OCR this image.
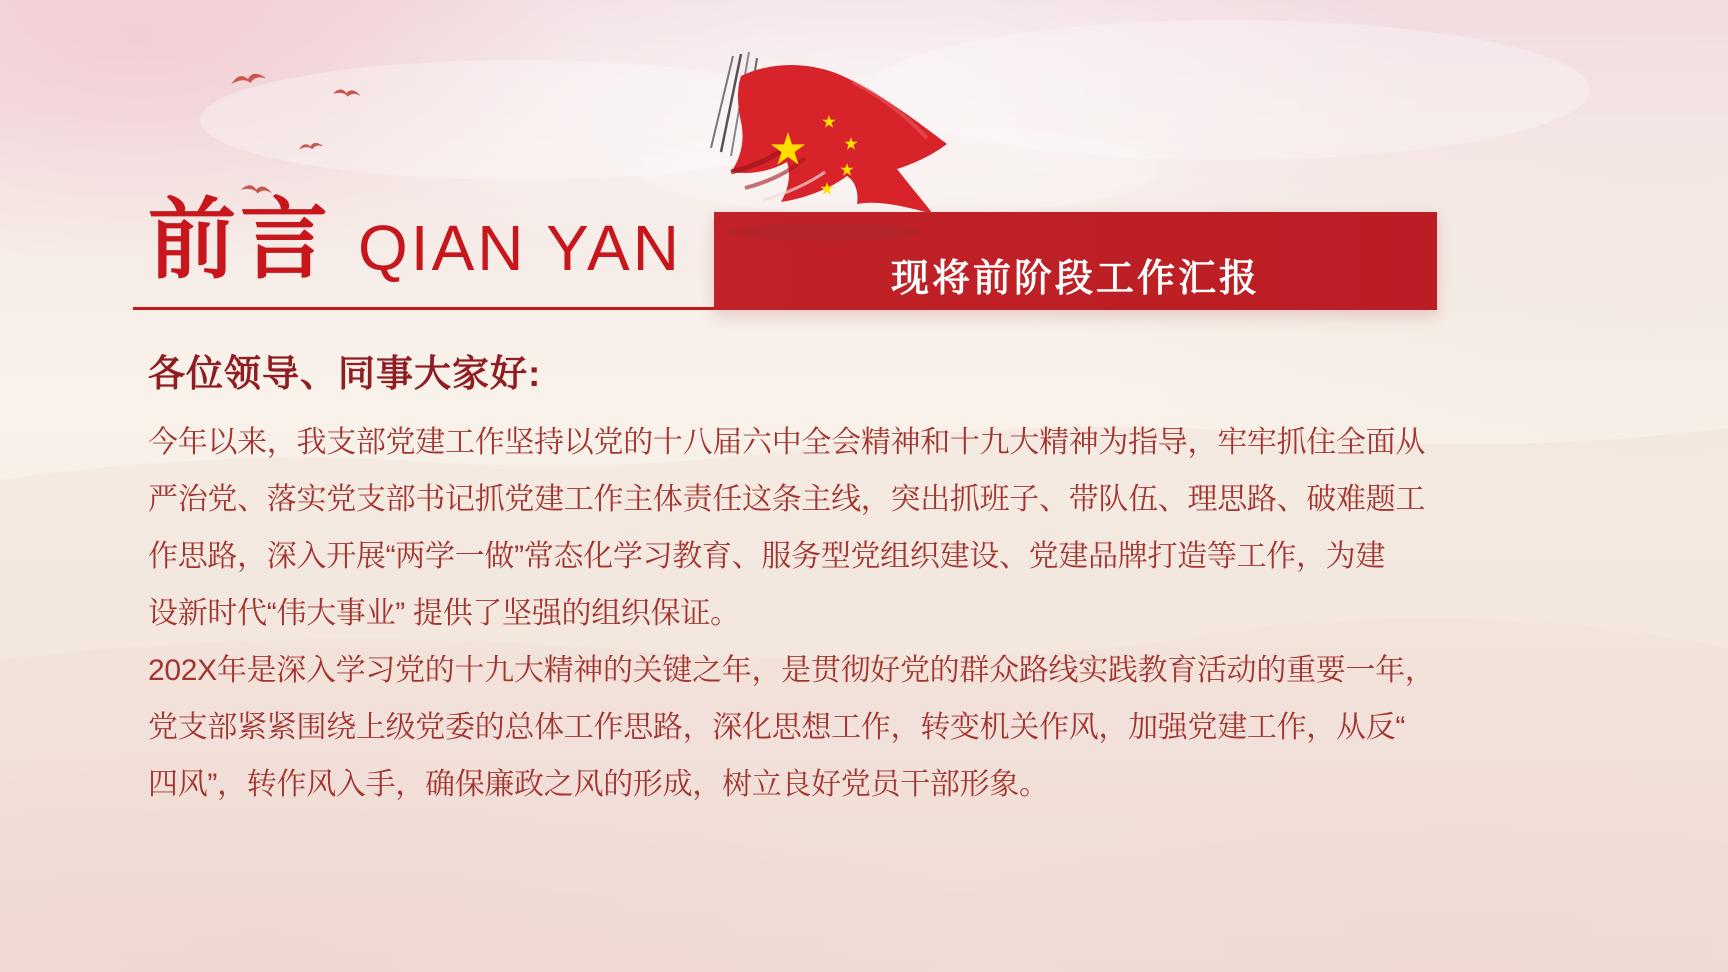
前言 QIAN YAN	现将前阶段工作汇报
各位领导、同事大家好:
今年以来，我支部党建工作坚持以党的十八届六中全会精神和十九大精神为指导，牢牢抓住全面从
严治党、落实党支部书记抓党建工作主体责任这条主线，突出抓班子、带队伍、理思路、破难题工
作思路，深入开展“两学一做”常态化学习教育、服务型党组织建设、党建品牌打造等工作，为建
设新时代“伟大事业” 提供了坚强的组织保证。
202X年是深入学习党的十九大精神的关键之年，是贯彻好党的群众路线实践教育活动的重要一年，
党支部紧紧围绕上级党委的总体工作思路，深化思想工作，转变机关作风，加强党建工作，从反“
四风”，转作风入手，确保廉政之风的形成，树立良好党员干部形象。
